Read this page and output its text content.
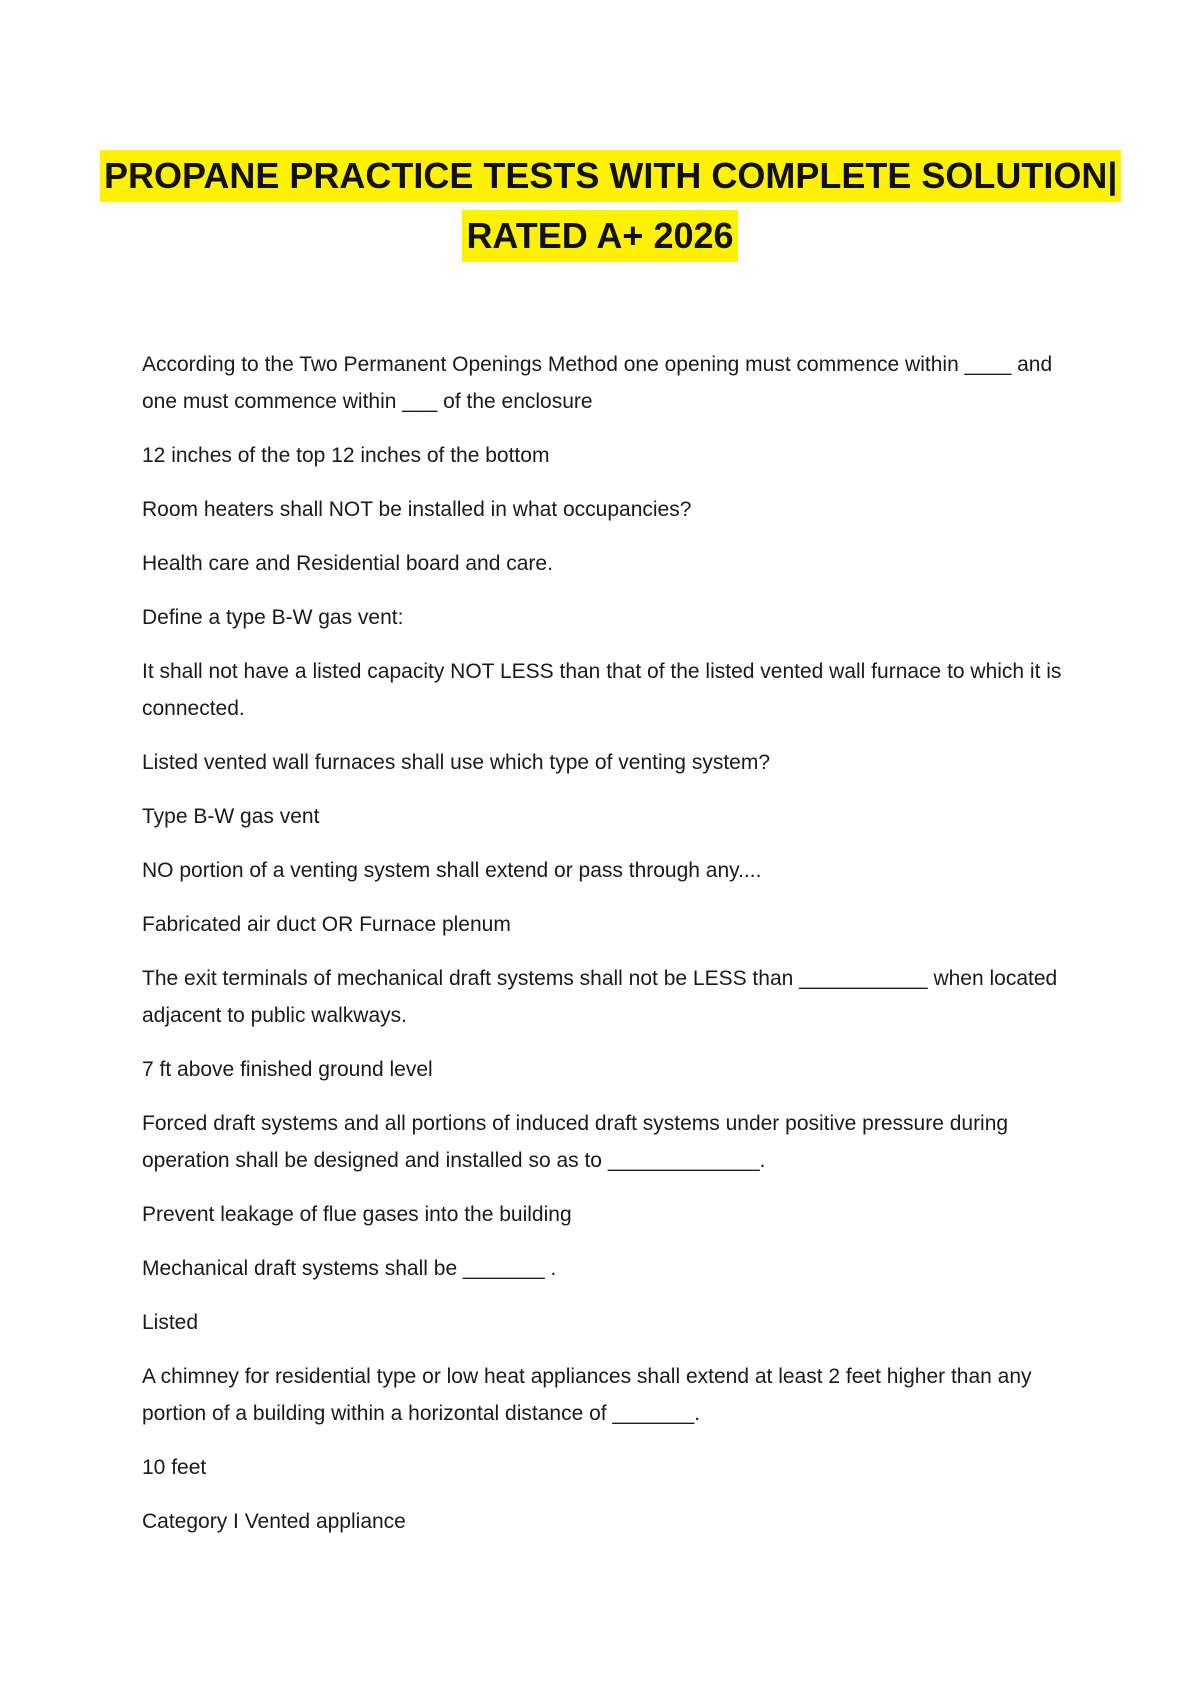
PROPANE PRACTICE TESTS WITH COMPLETE SOLUTION|
RATED A+ 2026

According to the Two Permanent Openings Method one opening must commence within ____ and one must commence within ___ of the enclosure

12 inches of the top 12 inches of the bottom

Room heaters shall NOT be installed in what occupancies?

Health care and Residential board and care.

Define a type B-W gas vent:

It shall not have a listed capacity NOT LESS than that of the listed vented wall furnace to which it is connected.

Listed vented wall furnaces shall use which type of venting system?

Type B-W gas vent

NO portion of a venting system shall extend or pass through any....

Fabricated air duct OR Furnace plenum

The exit terminals of mechanical draft systems shall not be LESS than ___________ when located adjacent to public walkways.

7 ft above finished ground level

Forced draft systems and all portions of induced draft systems under positive pressure during operation shall be designed and installed so as to _____________.

Prevent leakage of flue gases into the building

Mechanical draft systems shall be _______ .

Listed

A chimney for residential type or low heat appliances shall extend at least 2 feet higher than any portion of a building within a horizontal distance of _______.

10 feet

Category I Vented appliance
